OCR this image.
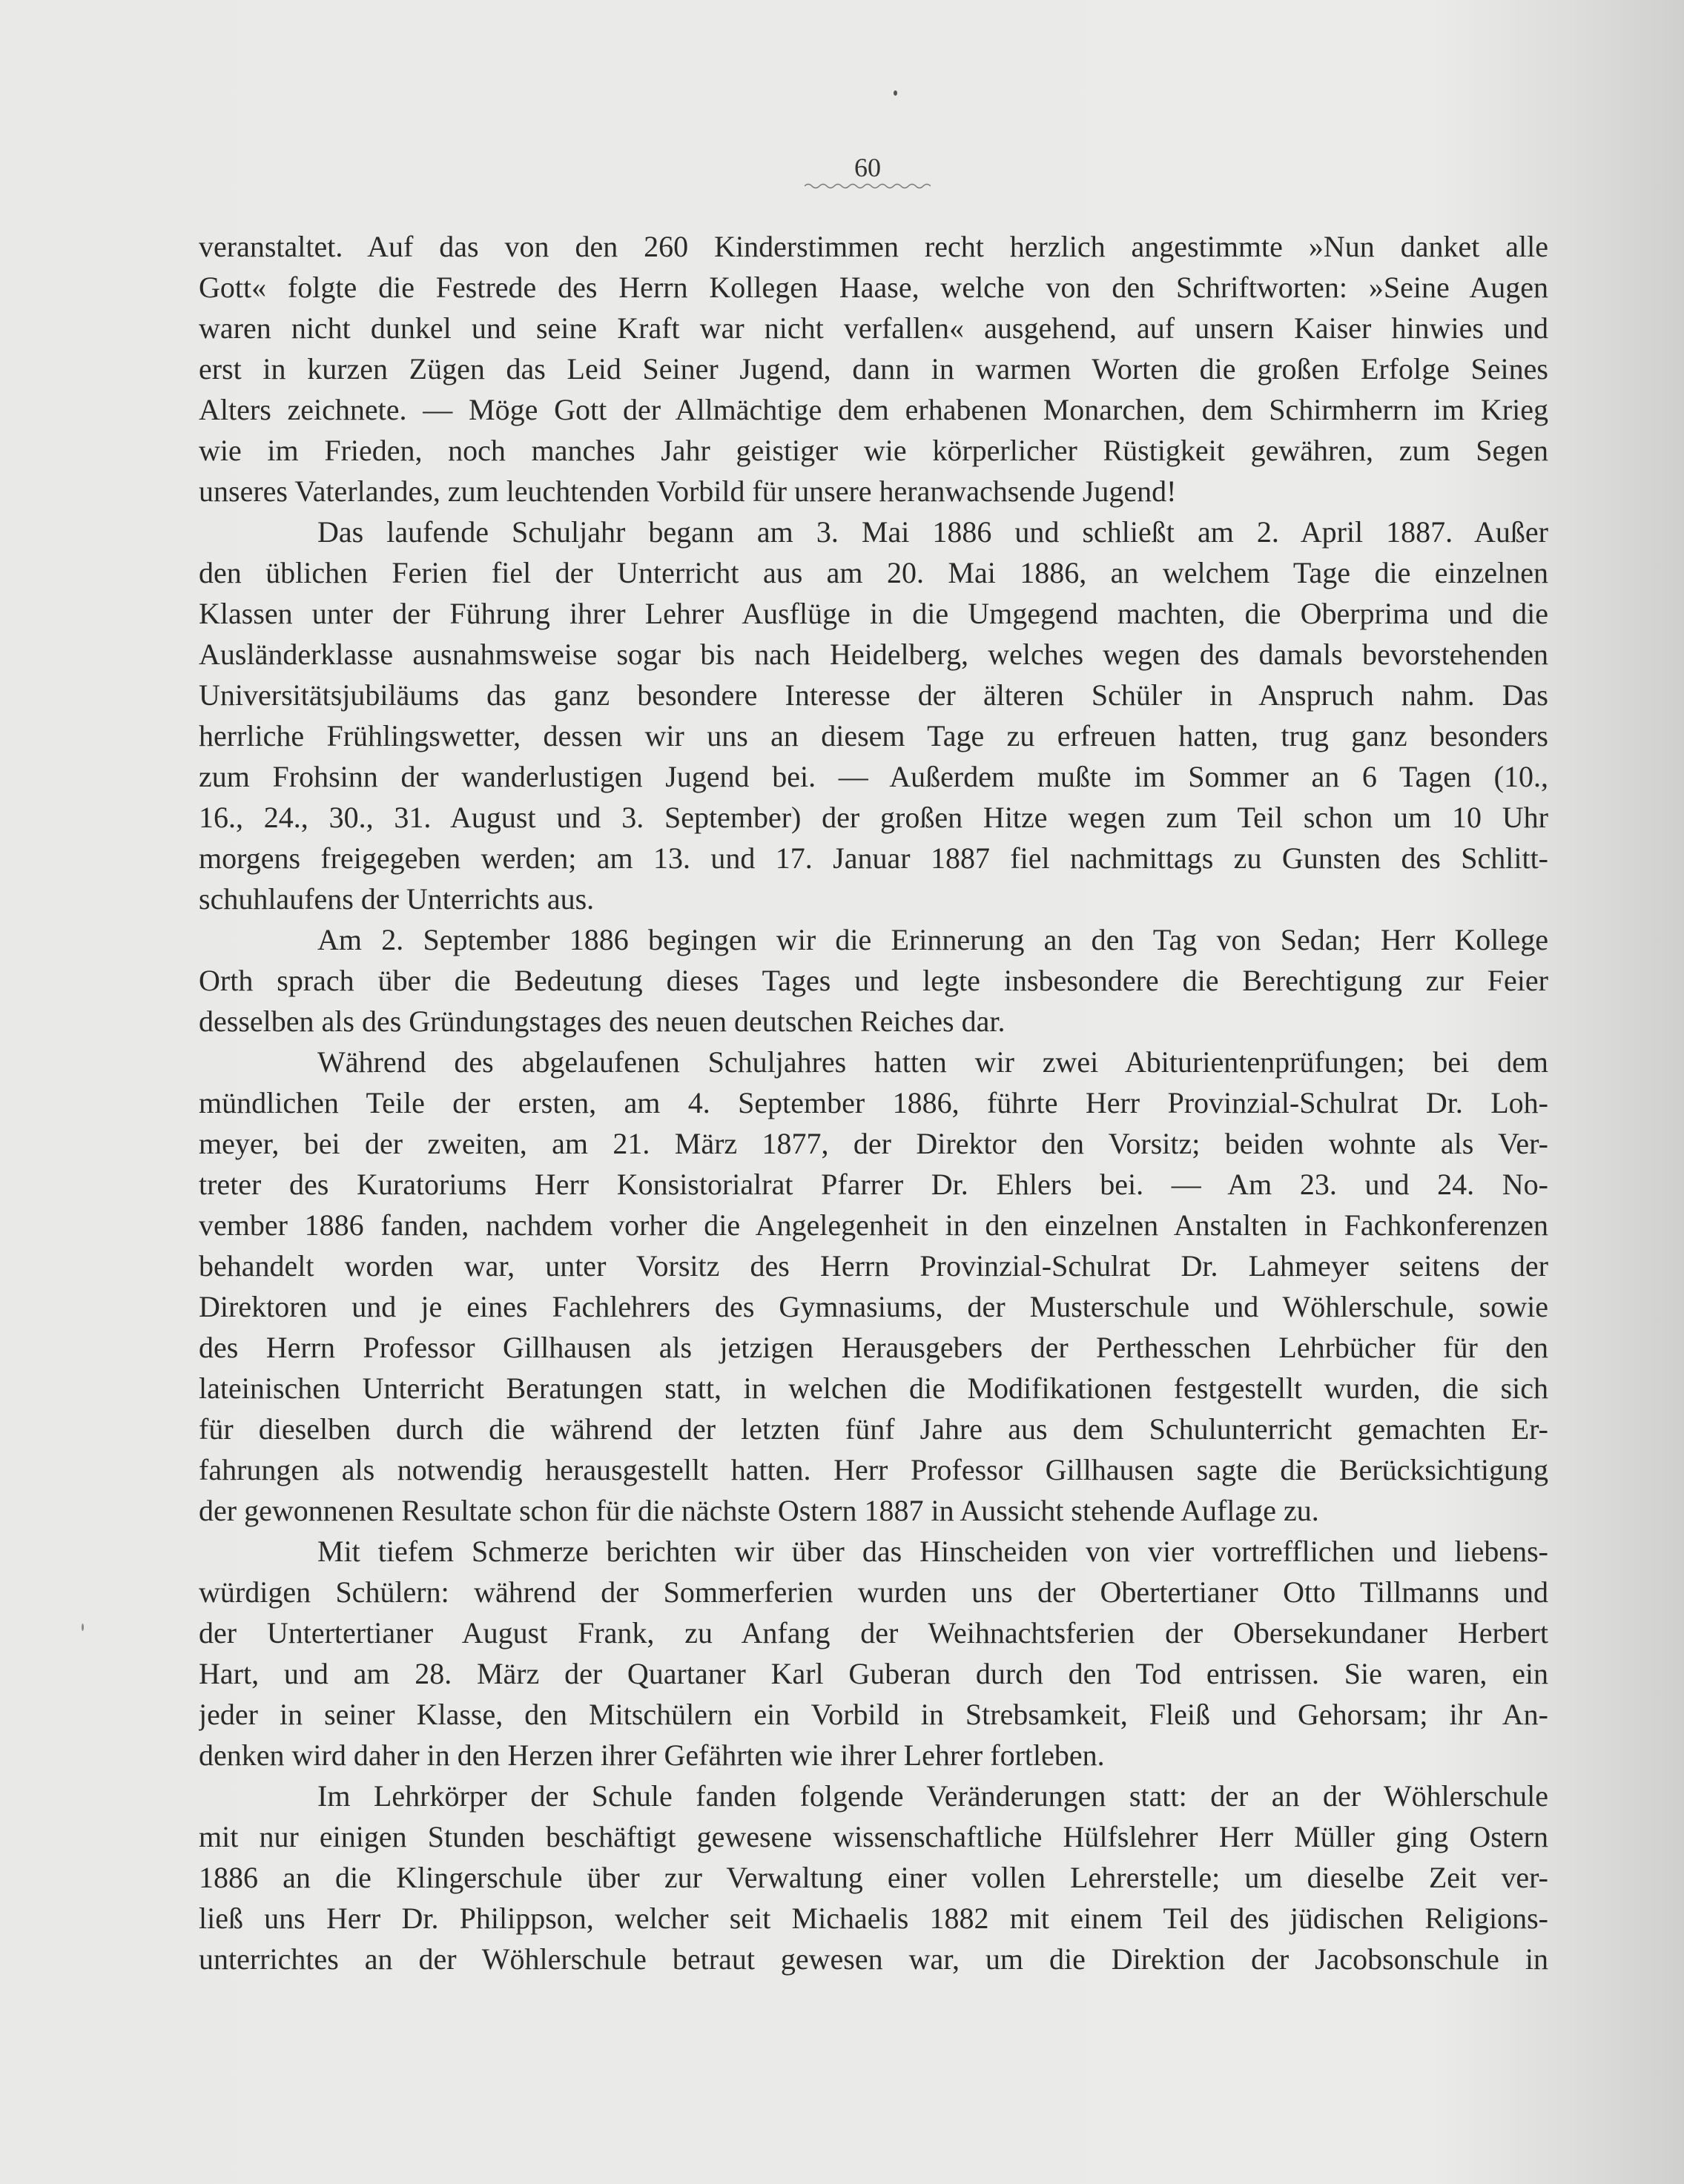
60
veranstaltet. Auf das von den 260 Kinderstimmen recht herzlich angestimmte »Nun danket alle
Gott« folgte die Festrede des Herrn Kollegen Haase, welche von den Schriftworten: »Seine Augen
waren nicht dunkel und seine Kraft war nicht verfallen« ausgehend, auf unsern Kaiser hinwies und
erst in kurzen Zügen das Leid Seiner Jugend, dann in warmen Worten die großen Erfolge Seines
Alters zeichnete. — Möge Gott der Allmächtige dem erhabenen Monarchen, dem Schirmherrn im Krieg
wie im Frieden, noch manches Jahr geistiger wie körperlicher Rüstigkeit gewähren, zum Segen
unseres Vaterlandes, zum leuchtenden Vorbild für unsere heranwachsende Jugend!
Das laufende Schuljahr begann am 3. Mai 1886 und schließt am 2. April 1887. Außer
den üblichen Ferien fiel der Unterricht aus am 20. Mai 1886, an welchem Tage die einzelnen
Klassen unter der Führung ihrer Lehrer Ausflüge in die Umgegend machten, die Oberprima und die
Ausländerklasse ausnahmsweise sogar bis nach Heidelberg, welches wegen des damals bevorstehenden
Universitätsjubiläums das ganz besondere Interesse der älteren Schüler in Anspruch nahm. Das
herrliche Frühlingswetter, dessen wir uns an diesem Tage zu erfreuen hatten, trug ganz besonders
zum Frohsinn der wanderlustigen Jugend bei. — Außerdem mußte im Sommer an 6 Tagen (10.,
16., 24., 30., 31. August und 3. September) der großen Hitze wegen zum Teil schon um 10 Uhr
morgens freigegeben werden; am 13. und 17. Januar 1887 fiel nachmittags zu Gunsten des Schlitt-
schuhlaufens der Unterrichts aus.
Am 2. September 1886 begingen wir die Erinnerung an den Tag von Sedan; Herr Kollege
Orth sprach über die Bedeutung dieses Tages und legte insbesondere die Berechtigung zur Feier
desselben als des Gründungstages des neuen deutschen Reiches dar.
Während des abgelaufenen Schuljahres hatten wir zwei Abiturientenprüfungen; bei dem
mündlichen Teile der ersten, am 4. September 1886, führte Herr Provinzial-Schulrat Dr. Loh-
meyer, bei der zweiten, am 21. März 1877, der Direktor den Vorsitz; beiden wohnte als Ver-
treter des Kuratoriums Herr Konsistorialrat Pfarrer Dr. Ehlers bei. — Am 23. und 24. No-
vember 1886 fanden, nachdem vorher die Angelegenheit in den einzelnen Anstalten in Fachkonferenzen
behandelt worden war, unter Vorsitz des Herrn Provinzial-Schulrat Dr. Lahmeyer seitens der
Direktoren und je eines Fachlehrers des Gymnasiums, der Musterschule und Wöhlerschule, sowie
des Herrn Professor Gillhausen als jetzigen Herausgebers der Perthesschen Lehrbücher für den
lateinischen Unterricht Beratungen statt, in welchen die Modifikationen festgestellt wurden, die sich
für dieselben durch die während der letzten fünf Jahre aus dem Schulunterricht gemachten Er-
fahrungen als notwendig herausgestellt hatten. Herr Professor Gillhausen sagte die Berücksichtigung
der gewonnenen Resultate schon für die nächste Ostern 1887 in Aussicht stehende Auflage zu.
Mit tiefem Schmerze berichten wir über das Hinscheiden von vier vortrefflichen und liebens-
würdigen Schülern: während der Sommerferien wurden uns der Obertertianer Otto Tillmanns und
der Untertertianer August Frank, zu Anfang der Weihnachtsferien der Obersekundaner Herbert
Hart, und am 28. März der Quartaner Karl Guberan durch den Tod entrissen. Sie waren, ein
jeder in seiner Klasse, den Mitschülern ein Vorbild in Strebsamkeit, Fleiß und Gehorsam; ihr An-
denken wird daher in den Herzen ihrer Gefährten wie ihrer Lehrer fortleben.
Im Lehrkörper der Schule fanden folgende Veränderungen statt: der an der Wöhlerschule
mit nur einigen Stunden beschäftigt gewesene wissenschaftliche Hülfslehrer Herr Müller ging Ostern
1886 an die Klingerschule über zur Verwaltung einer vollen Lehrerstelle; um dieselbe Zeit ver-
ließ uns Herr Dr. Philippson, welcher seit Michaelis 1882 mit einem Teil des jüdischen Religions-
unterrichtes an der Wöhlerschule betraut gewesen war, um die Direktion der Jacobsonschule in
